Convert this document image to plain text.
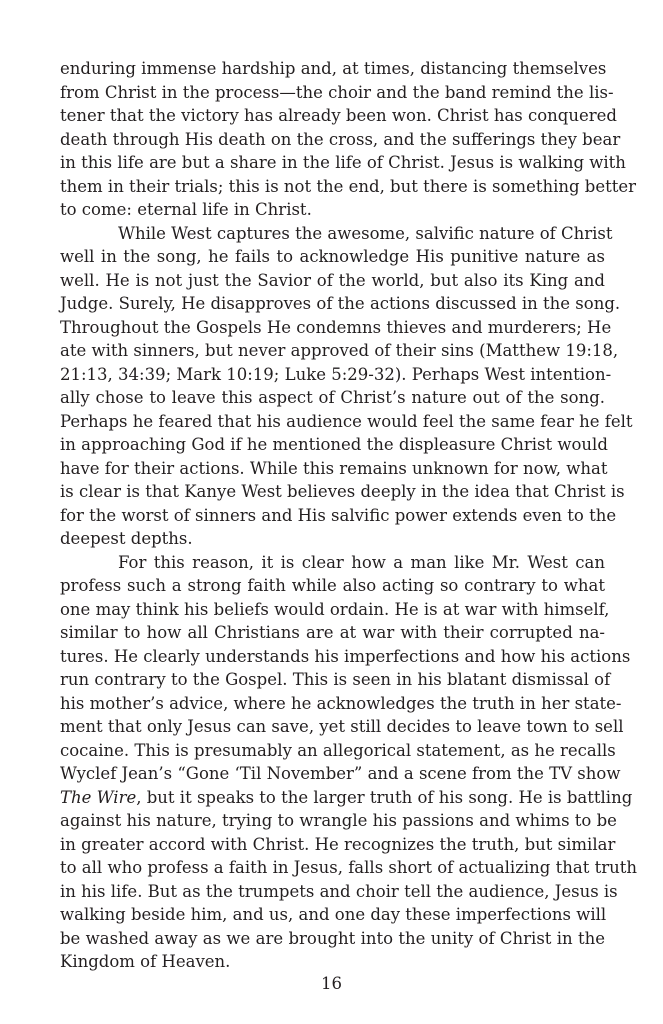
enduring immense hardship and, at times, distancing themselves
from Christ in the process—the choir and the band remind the lis-
tener that the victory has already been won. Christ has conquered
death through His death on the cross, and the sufferings they bear
in this life are but a share in the life of Christ. Jesus is walking with
them in their trials; this is not the end, but there is something better
to come: eternal life in Christ.
While West captures the awesome, salvific nature of Christ
well in the song, he fails to acknowledge His punitive nature as
well. He is not just the Savior of the world, but also its King and
Judge. Surely, He disapproves of the actions discussed in the song.
Throughout the Gospels He condemns thieves and murderers; He
ate with sinners, but never approved of their sins (Matthew 19:18,
21:13, 34:39; Mark 10:19; Luke 5:29-32). Perhaps West intention-
ally chose to leave this aspect of Christ’s nature out of the song.
Perhaps he feared that his audience would feel the same fear he felt
in approaching God if he mentioned the displeasure Christ would
have for their actions. While this remains unknown for now, what
is clear is that Kanye West believes deeply in the idea that Christ is
for the worst of sinners and His salvific power extends even to the
deepest depths.
For this reason, it is clear how a man like Mr. West can
profess such a strong faith while also acting so contrary to what
one may think his beliefs would ordain. He is at war with himself,
similar to how all Christians are at war with their corrupted na-
tures. He clearly understands his imperfections and how his actions
run contrary to the Gospel. This is seen in his blatant dismissal of
his mother’s advice, where he acknowledges the truth in her state-
ment that only Jesus can save, yet still decides to leave town to sell
cocaine. This is presumably an allegorical statement, as he recalls
Wyclef Jean’s “Gone ‘Til November” and a scene from the TV show
The Wire, but it speaks to the larger truth of his song. He is battling
against his nature, trying to wrangle his passions and whims to be
in greater accord with Christ. He recognizes the truth, but similar
to all who profess a faith in Jesus, falls short of actualizing that truth
in his life. But as the trumpets and choir tell the audience, Jesus is
walking beside him, and us, and one day these imperfections will
be washed away as we are brought into the unity of Christ in the
Kingdom of Heaven.
16
